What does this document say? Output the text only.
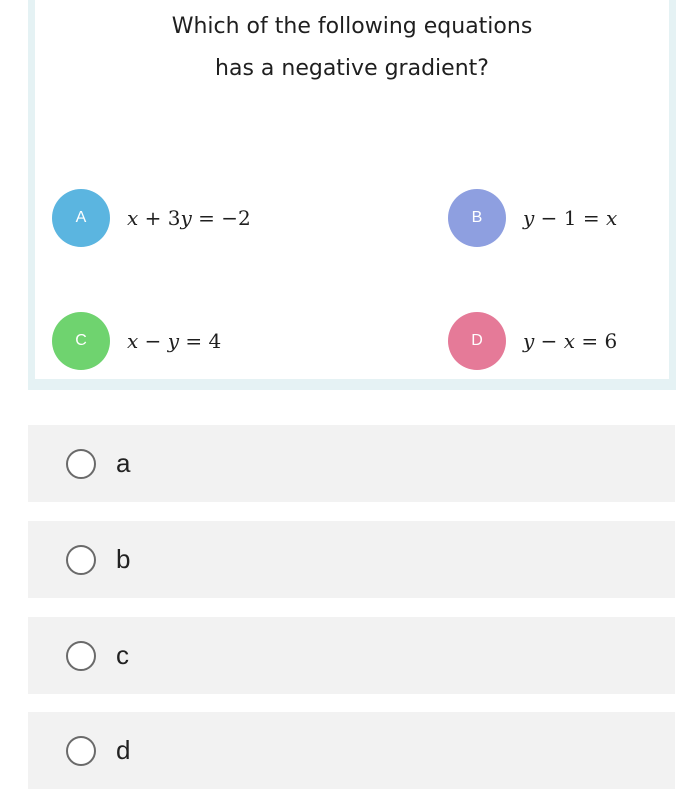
Which of the following equations
has a negative gradient?
A x + 3y = −2	B y − 1 = x
C x − y = 4	D y − x = 6
a
b
c
d
